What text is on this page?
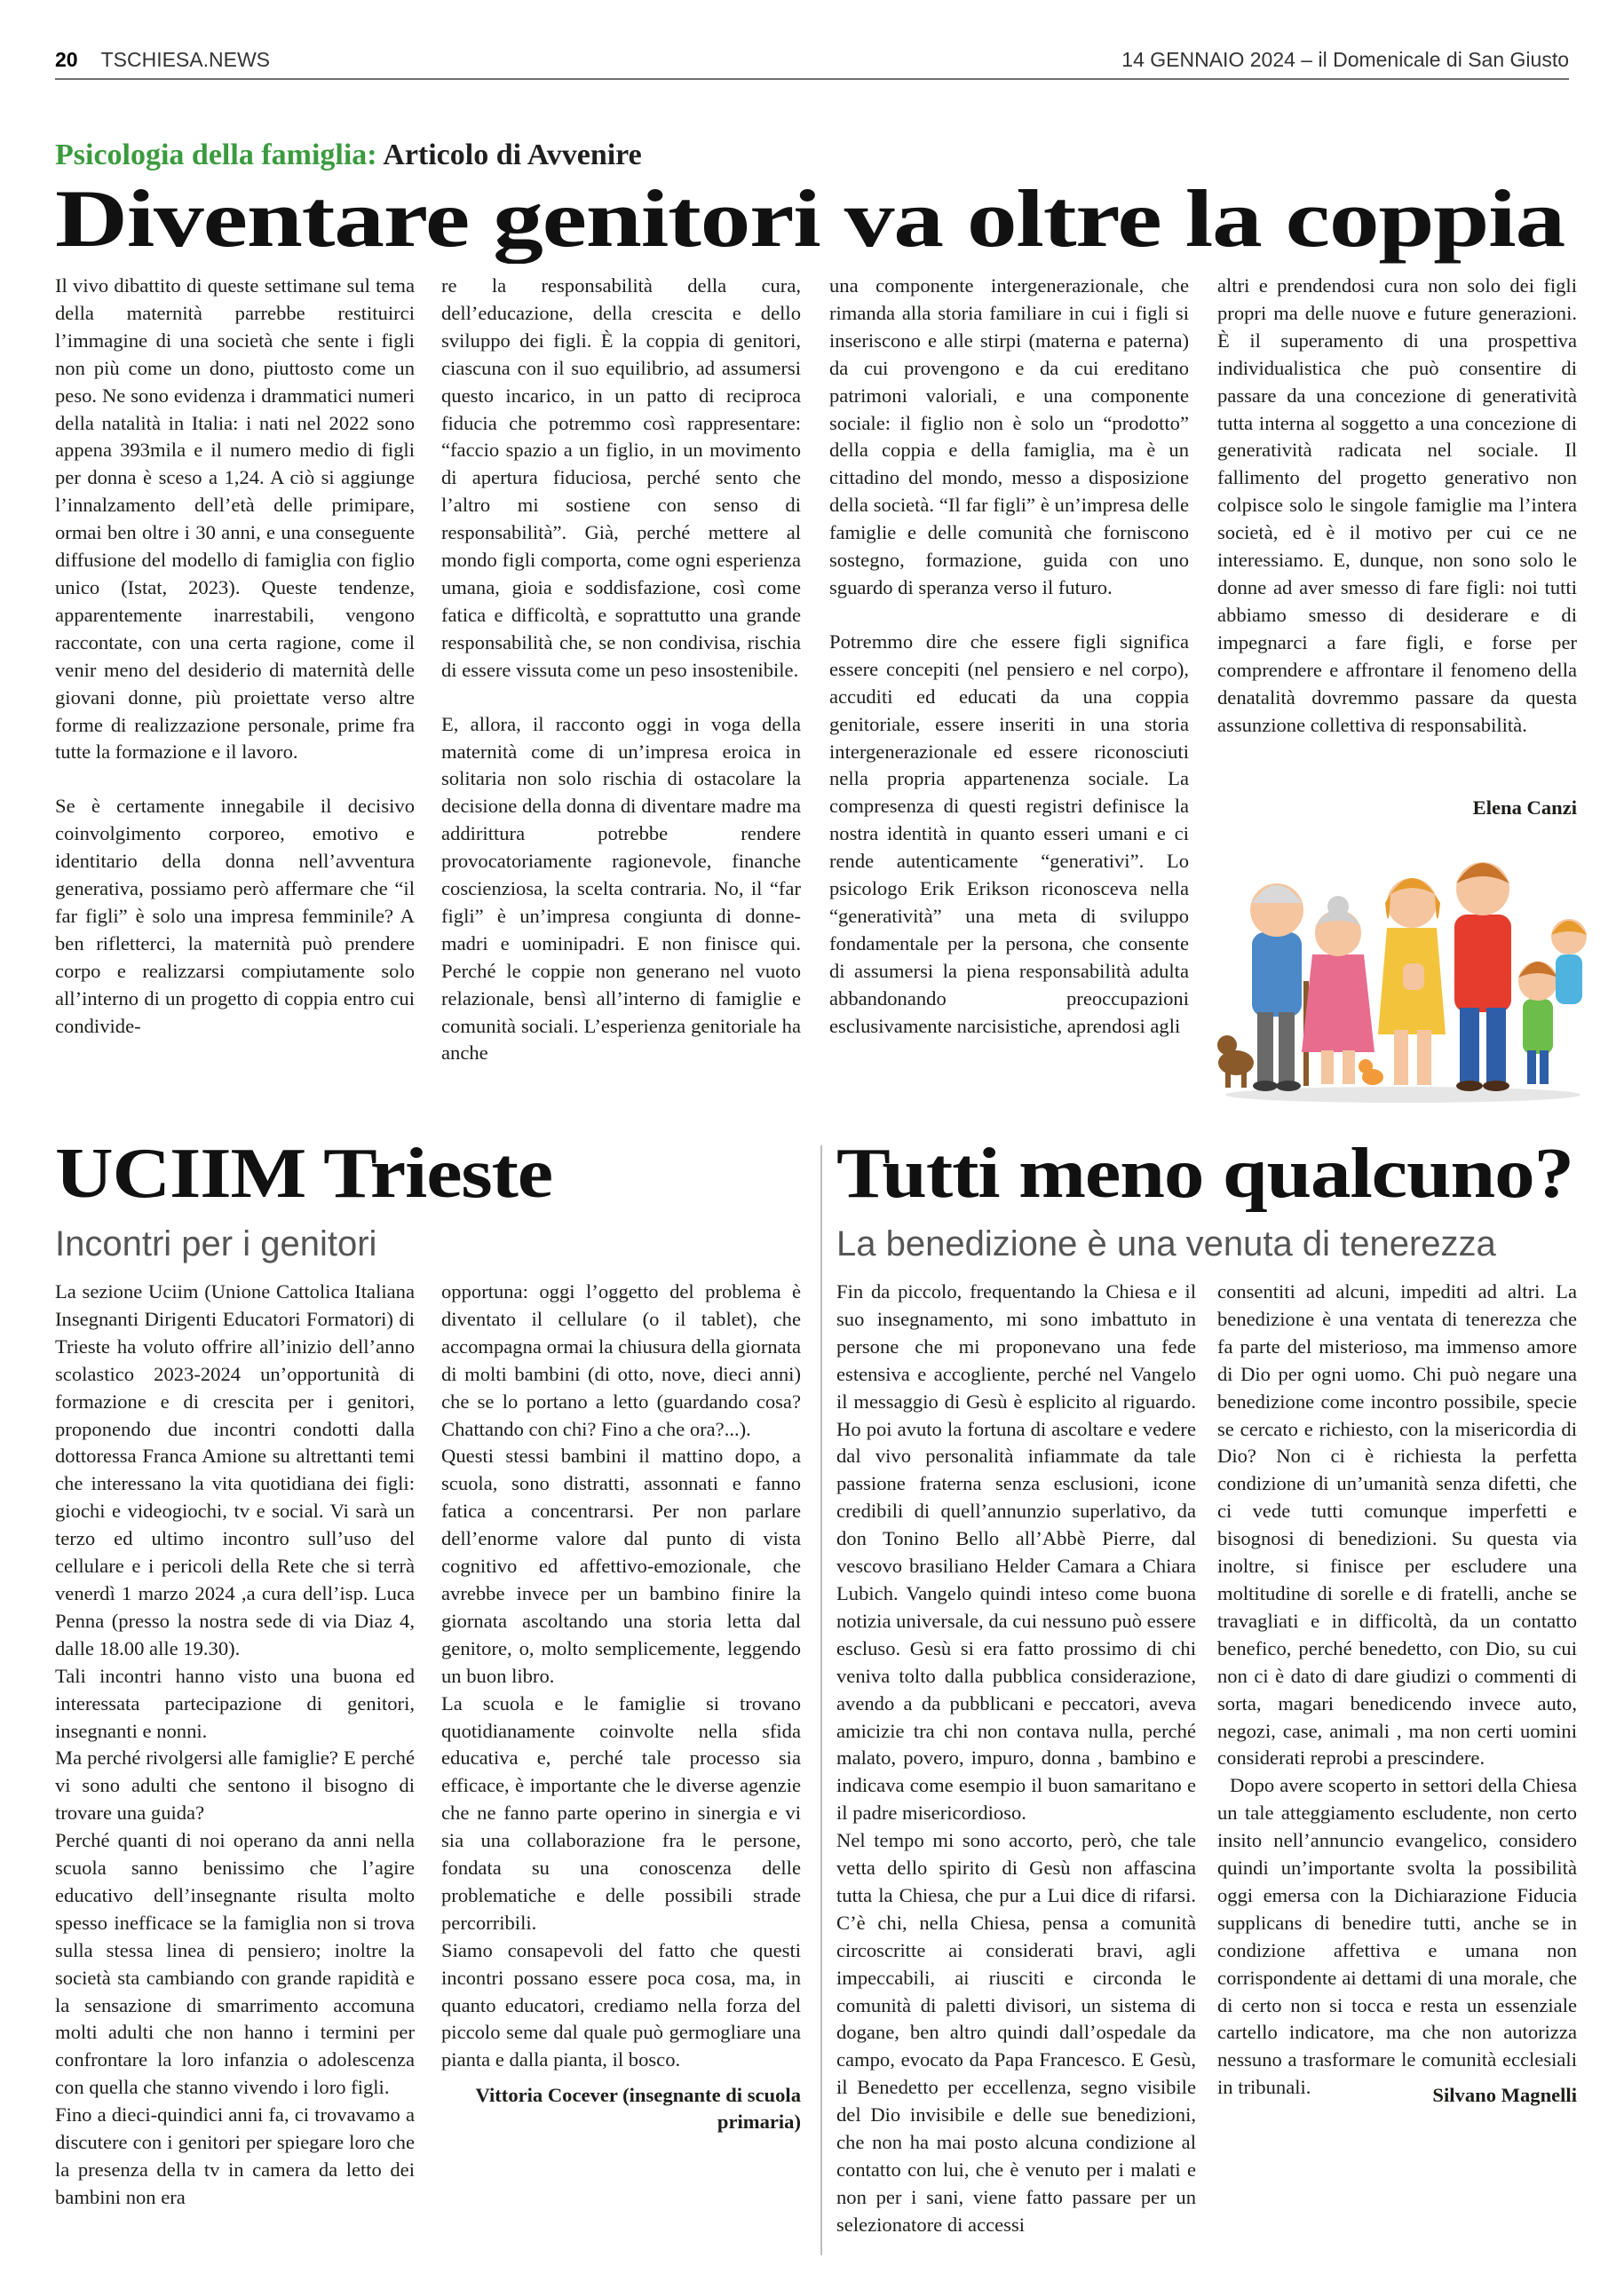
20 TSCHIESA.NEWS	14 GENNAIO 2024 – il Domenicale di San Giusto
Psicologia della famiglia: Articolo di Avvenire
Diventare genitori va oltre la coppia

Il vivo dibattito di queste settimane sul tema della maternità parrebbe restituirci l’immagine di una società che sente i figli non più come un dono, piuttosto come un peso. Ne sono evidenza i drammatici numeri della natalità in Italia: i nati nel 2022 sono appena 393mila e il numero medio di figli per donna è sceso a 1,24. A ciò si aggiunge l’innalzamento dell’età delle primipare, ormai ben oltre i 30 anni, e una conseguente diffusione del modello di famiglia con figlio unico (Istat, 2023). Queste tendenze, apparentemente inarrestabili, vengono raccontate, con una certa ragione, come il venir meno del desiderio di maternità delle giovani donne, più proiettate verso altre forme di realizzazione personale, prime fra tutte la formazione e il lavoro.

Se è certamente innegabile il decisivo coinvolgimento corporeo, emotivo e identitario della donna nell’avventura generativa, possiamo però affermare che “il far figli” è solo una impresa femminile? A ben rifletterci, la maternità può prendere corpo e realizzarsi compiutamente solo all’interno di un progetto di coppia entro cui condivide-

re la responsabilità della cura, dell’educazione, della crescita e dello sviluppo dei figli. È la coppia di genitori, ciascuna con il suo equilibrio, ad assumersi questo incarico, in un patto di reciproca fiducia che potremmo così rappresentare: “faccio spazio a un figlio, in un movimento di apertura fiduciosa, perché sento che l’altro mi sostiene con senso di responsabilità”. Già, perché mettere al mondo figli comporta, come ogni esperienza umana, gioia e soddisfazione, così come fatica e difficoltà, e soprattutto una grande responsabilità che, se non condivisa, rischia di essere vissuta come un peso insostenibile.

E, allora, il racconto oggi in voga della maternità come di un’impresa eroica in solitaria non solo rischia di ostacolare la decisione della donna di diventare madre ma addirittura potrebbe rendere provocatoriamente ragionevole, finanche coscienziosa, la scelta contraria. No, il “far figli” è un’impresa congiunta di donne-madri e uominipadri. E non finisce qui. Perché le coppie non generano nel vuoto relazionale, bensì all’interno di famiglie e comunità sociali. L’esperienza genitoriale ha anche

una componente intergenerazionale, che rimanda alla storia familiare in cui i figli si inseriscono e alle stirpi (materna e paterna) da cui provengono e da cui ereditano patrimoni valoriali, e una componente sociale: il figlio non è solo un “prodotto” della coppia e della famiglia, ma è un cittadino del mondo, messo a disposizione della società. “Il far figli” è un’impresa delle famiglie e delle comunità che forniscono sostegno, formazione, guida con uno sguardo di speranza verso il futuro.

Potremmo dire che essere figli significa essere concepiti (nel pensiero e nel corpo), accuditi ed educati da una coppia genitoriale, essere inseriti in una storia intergenerazionale ed essere riconosciuti nella propria appartenenza sociale. La compresenza di questi registri definisce la nostra identità in quanto esseri umani e ci rende autenticamente “generativi”. Lo psicologo Erik Erikson riconosceva nella “generatività” una meta di sviluppo fondamentale per la persona, che consente di assumersi la piena responsabilità adulta abbandonando preoccupazioni esclusivamente narcisistiche, aprendosi agli

altri e prendendosi cura non solo dei figli propri ma delle nuove e future generazioni. È il superamento di una prospettiva individualistica che può consentire di passare da una concezione di generatività tutta interna al soggetto a una concezione di generatività radicata nel sociale. Il fallimento del progetto generativo non colpisce solo le singole famiglie ma l’intera società, ed è il motivo per cui ce ne interessiamo. E, dunque, non sono solo le donne ad aver smesso di fare figli: noi tutti abbiamo smesso di desiderare e di impegnarci a fare figli, e forse per comprendere e affrontare il fenomeno della denatalità dovremmo passare da questa assunzione collettiva di responsabilità.

Elena Canzi
UCIIM Trieste
Incontri per i genitori

La sezione Uciim (Unione Cattolica Italiana Insegnanti Dirigenti Educatori Formatori) di Trieste ha voluto offrire all’inizio dell’anno scolastico 2023-2024 un’opportunità di formazione e di crescita per i genitori, proponendo due incontri condotti dalla dottoressa Franca Amione su altrettanti temi che interessano la vita quotidiana dei figli: giochi e videogiochi, tv e social. Vi sarà un terzo ed ultimo incontro sull’uso del cellulare e i pericoli della Rete che si terrà venerdì 1 marzo 2024 ,a cura dell’isp. Luca Penna (presso la nostra sede di via Diaz 4, dalle 18.00 alle 19.30).

Tali incontri hanno visto una buona ed interessata partecipazione di genitori, insegnanti e nonni.

Ma perché rivolgersi alle famiglie? E perché vi sono adulti che sentono il bisogno di trovare una guida?

Perché quanti di noi operano da anni nella scuola sanno benissimo che l’agire educativo dell’insegnante risulta molto spesso inefficace se la famiglia non si trova sulla stessa linea di pensiero; inoltre la società sta cambiando con grande rapidità e la sensazione di smarrimento accomuna molti adulti che non hanno i termini per confrontare la loro infanzia o adolescenza con quella che stanno vivendo i loro figli.

Fino a dieci-quindici anni fa, ci trovavamo a discutere con i genitori per spiegare loro che la presenza della tv in camera da letto dei bambini non era

opportuna: oggi l’oggetto del problema è diventato il cellulare (o il tablet), che accompagna ormai la chiusura della giornata di molti bambini (di otto, nove, dieci anni) che se lo portano a letto (guardando cosa? Chattando con chi? Fino a che ora?...).

Questi stessi bambini il mattino dopo, a scuola, sono distratti, assonnati e fanno fatica a concentrarsi. Per non parlare dell’enorme valore dal punto di vista cognitivo ed affettivo-emozionale, che avrebbe invece per un bambino finire la giornata ascoltando una storia letta dal genitore, o, molto semplicemente, leggendo un buon libro.

La scuola e le famiglie si trovano quotidianamente coinvolte nella sfida educativa e, perché tale processo sia efficace, è importante che le diverse agenzie che ne fanno parte operino in sinergia e vi sia una collaborazione fra le persone, fondata su una conoscenza delle problematiche e delle possibili strade percorribili.

Siamo consapevoli del fatto che questi incontri possano essere poca cosa, ma, in quanto educatori, crediamo nella forza del piccolo seme dal quale può germogliare una pianta e dalla pianta, il bosco.

Vittoria Cocever (insegnante di scuola primaria)
Tutti meno qualcuno?
La benedizione è una venuta di tenerezza

Fin da piccolo, frequentando la Chiesa e il suo insegnamento, mi sono imbattuto in persone che mi proponevano una fede estensiva e accogliente, perché nel Vangelo il messaggio di Gesù è esplicito al riguardo. Ho poi avuto la fortuna di ascoltare e vedere dal vivo personalità infiammate da tale passione fraterna senza esclusioni, icone credibili di quell’annunzio superlativo, da don Tonino Bello all’Abbè Pierre, dal vescovo brasiliano Helder Camara a Chiara Lubich. Vangelo quindi inteso come buona notizia universale, da cui nessuno può essere escluso. Gesù si era fatto prossimo di chi veniva tolto dalla pubblica considerazione, avendo a da pubblicani e peccatori, aveva amicizie tra chi non contava nulla, perché malato, povero, impuro, donna , bambino e indicava come esempio il buon samaritano e il padre misericordioso.

Nel tempo mi sono accorto, però, che tale vetta dello spirito di Gesù non affascina tutta la Chiesa, che pur a Lui dice di rifarsi. C’è chi, nella Chiesa, pensa a comunità circoscritte ai considerati bravi, agli impeccabili, ai riusciti e circonda le comunità di paletti divisori, un sistema di dogane, ben altro quindi dall’ospedale da campo, evocato da Papa Francesco. E Gesù, il Benedetto per eccellenza, segno visibile del Dio invisibile e delle sue benedizioni, che non ha mai posto alcuna condizione al contatto con lui, che è venuto per i malati e non per i sani, viene fatto passare per un selezionatore di accessi

consentiti ad alcuni, impediti ad altri. La benedizione è una ventata di tenerezza che fa parte del misterioso, ma immenso amore di Dio per ogni uomo. Chi può negare una benedizione come incontro possibile, specie se cercato e richiesto, con la misericordia di Dio? Non ci è richiesta la perfetta condizione di un’umanità senza difetti, che ci vede tutti comunque imperfetti e bisognosi di benedizioni. Su questa via inoltre, si finisce per escludere una moltitudine di sorelle e di fratelli, anche se travagliati e in difficoltà, da un contatto benefico, perché benedetto, con Dio, su cui non ci è dato di dare giudizi o commenti di sorta, magari benedicendo invece auto, negozi, case, animali , ma non certi uomini considerati reprobi a prescindere.

Dopo avere scoperto in settori della Chiesa un tale atteggiamento escludente, non certo insito nell’annuncio evangelico, considero quindi un’importante svolta la possibilità oggi emersa con la Dichiarazione Fiducia supplicans di benedire tutti, anche se in condizione affettiva e umana non corrispondente ai dettami di una morale, che di certo non si tocca e resta un essenziale cartello indicatore, ma che non autorizza nessuno a trasformare le comunità ecclesiali in tribunali.	Silvano Magnelli
